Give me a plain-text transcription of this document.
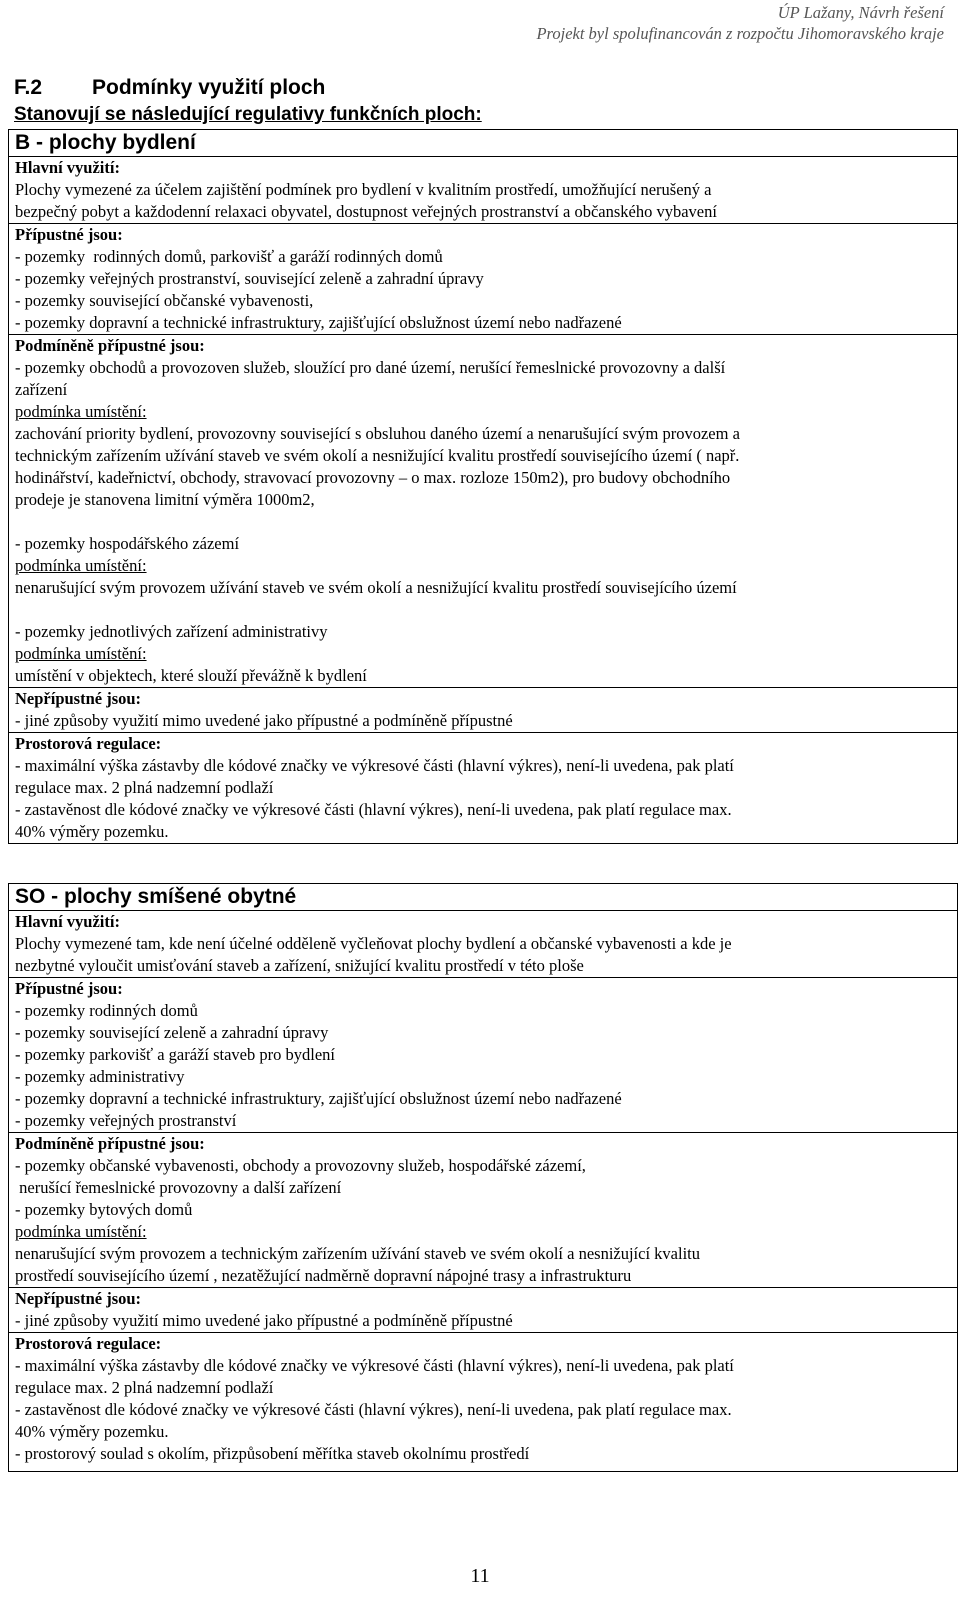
ÚP Lažany, Návrh řešení
Projekt byl spolufinancován z rozpočtu Jihomoravského kraje
F.2 Podmínky využití ploch
Stanovují se následující regulativy funkčních ploch:
B - plochy bydlení
Hlavní využití:
Plochy vymezené za účelem zajištění podmínek pro bydlení v kvalitním prostředí, umožňující nerušený a
bezpečný pobyt a každodenní relaxaci obyvatel, dostupnost veřejných prostranství a občanského vybavení
Přípustné jsou:
- pozemky  rodinných domů, parkovišť a garáží rodinných domů
- pozemky veřejných prostranství, související zeleně a zahradní úpravy
- pozemky související občanské vybavenosti,
- pozemky dopravní a technické infrastruktury, zajišťující obslužnost území nebo nadřazené
Podmíněně přípustné jsou:
- pozemky obchodů a provozoven služeb, sloužící pro dané území, nerušící řemeslnické provozovny a další
zařízení
podmínka umístění:
zachování priority bydlení, provozovny související s obsluhou daného území a nenarušující svým provozem a
technickým zařízením užívání staveb ve svém okolí a nesnižující kvalitu prostředí souvisejícího území ( např.
hodinářství, kadeřnictví, obchody, stravovací provozovny – o max. rozloze 150m2), pro budovy obchodního
prodeje je stanovena limitní výměra 1000m2,
- pozemky hospodářského zázemí
podmínka umístění:
nenarušující svým provozem užívání staveb ve svém okolí a nesnižující kvalitu prostředí souvisejícího území
- pozemky jednotlivých zařízení administrativy
podmínka umístění:
umístění v objektech, které slouží převážně k bydlení
Nepřípustné jsou:
- jiné způsoby využití mimo uvedené jako přípustné a podmíněně přípustné
Prostorová regulace:
- maximální výška zástavby dle kódové značky ve výkresové části (hlavní výkres), není-li uvedena, pak platí
regulace max. 2 plná nadzemní podlaží
- zastavěnost dle kódové značky ve výkresové části (hlavní výkres), není-li uvedena, pak platí regulace max.
40% výměry pozemku.
SO - plochy smíšené obytné
Hlavní využití:
Plochy vymezené tam, kde není účelné odděleně vyčleňovat plochy bydlení a občanské vybavenosti a kde je
nezbytné vyloučit umisťování staveb a zařízení, snižující kvalitu prostředí v této ploše
Přípustné jsou:
- pozemky rodinných domů
- pozemky související zeleně a zahradní úpravy
- pozemky parkovišť a garáží staveb pro bydlení
- pozemky administrativy
- pozemky dopravní a technické infrastruktury, zajišťující obslužnost území nebo nadřazené
- pozemky veřejných prostranství
Podmíněně přípustné jsou:
- pozemky občanské vybavenosti, obchody a provozovny služeb, hospodářské zázemí,
nerušící řemeslnické provozovny a další zařízení
- pozemky bytových domů
podmínka umístění:
nenarušující svým provozem a technickým zařízením užívání staveb ve svém okolí a nesnižující kvalitu
prostředí souvisejícího území , nezatěžující nadměrně dopravní nápojné trasy a infrastrukturu
Nepřípustné jsou:
- jiné způsoby využití mimo uvedené jako přípustné a podmíněně přípustné
Prostorová regulace:
- maximální výška zástavby dle kódové značky ve výkresové části (hlavní výkres), není-li uvedena, pak platí
regulace max. 2 plná nadzemní podlaží
- zastavěnost dle kódové značky ve výkresové části (hlavní výkres), není-li uvedena, pak platí regulace max.
40% výměry pozemku.
- prostorový soulad s okolím, přizpůsobení měřítka staveb okolnímu prostředí
11
